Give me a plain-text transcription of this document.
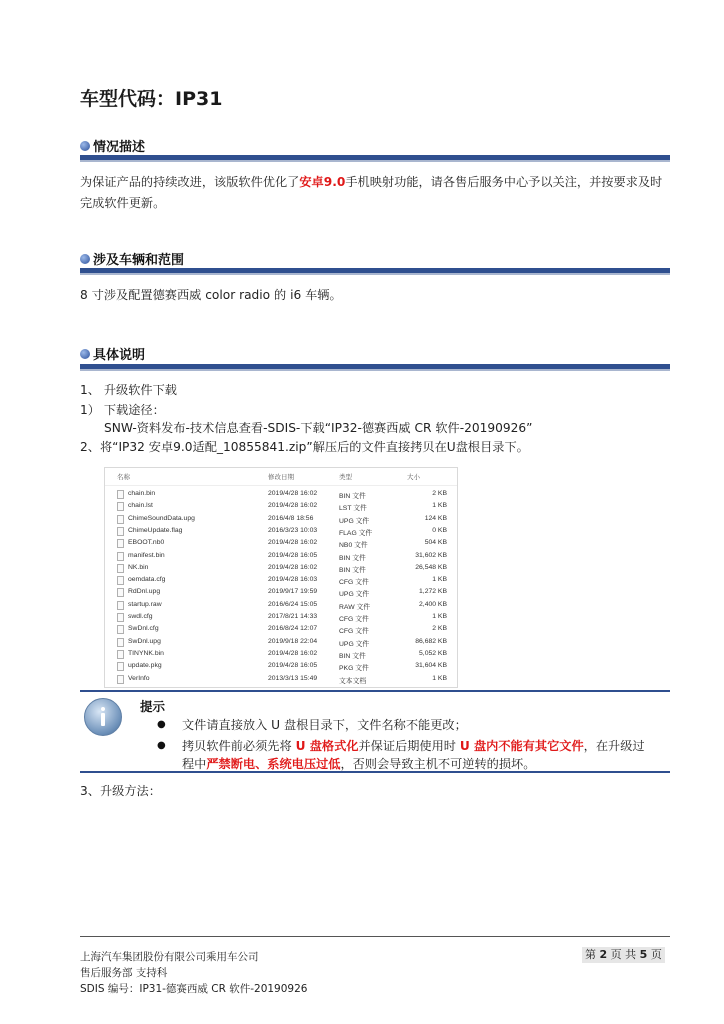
车型代码：IP31
情况描述
为保证产品的持续改进，该版软件优化了安卓9.0手机映射功能，请各售后服务中心予以关注，并按要求及时完成软件更新。
涉及车辆和范围
8 寸涉及配置德赛西威 color radio 的 i6 车辆。
具体说明
1、 升级软件下载
1） 下载途径：
SNW-资料发布-技术信息查看-SDIS-下载“IP32-德赛西威 CR 软件-20190926”
2、将“IP32 安卓9.0适配_10855841.zip”解压后的文件直接拷贝在U盘根目录下。
名称	修改日期	类型	大小
chain.bin	2019/4/28 16:02	BIN 文件	2 KB
chain.lst	2019/4/28 16:02	LST 文件	1 KB
ChimeSoundData.upg	2016/4/8 18:56	UPG 文件	124 KB
ChimeUpdate.flag	2016/3/23 10:03	FLAG 文件	0 KB
EBOOT.nb0	2019/4/28 16:02	NB0 文件	504 KB
manifest.bin	2019/4/28 16:05	BIN 文件	31,602 KB
NK.bin	2019/4/28 16:02	BIN 文件	26,548 KB
oemdata.cfg	2019/4/28 16:03	CFG 文件	1 KB
RdDnl.upg	2019/9/17 19:59	UPG 文件	1,272 KB
startup.raw	2016/6/24 15:05	RAW 文件	2,400 KB
swdl.cfg	2017/8/21 14:33	CFG 文件	1 KB
SwDnl.cfg	2016/8/24 12:07	CFG 文件	2 KB
SwDnl.upg	2019/9/18 22:04	UPG 文件	86,682 KB
TINYNK.bin	2019/4/28 16:02	BIN 文件	5,052 KB
update.pkg	2019/4/28 16:05	PKG 文件	31,604 KB
VerInfo	2013/3/13 15:49	文本文档	1 KB
提示
● 文件请直接放入 U 盘根目录下，文件名称不能更改；
● 拷贝软件前必须先将 U 盘格式化并保证后期使用时 U 盘内不能有其它文件，在升级过
程中严禁断电、系统电压过低，否则会导致主机不可逆转的损坏。
3、升级方法：
上海汽车集团股份有限公司乘用车公司
售后服务部 支持科
SDIS 编号：IP31-德赛西威 CR 软件-20190926
第 2 页 共 5 页
